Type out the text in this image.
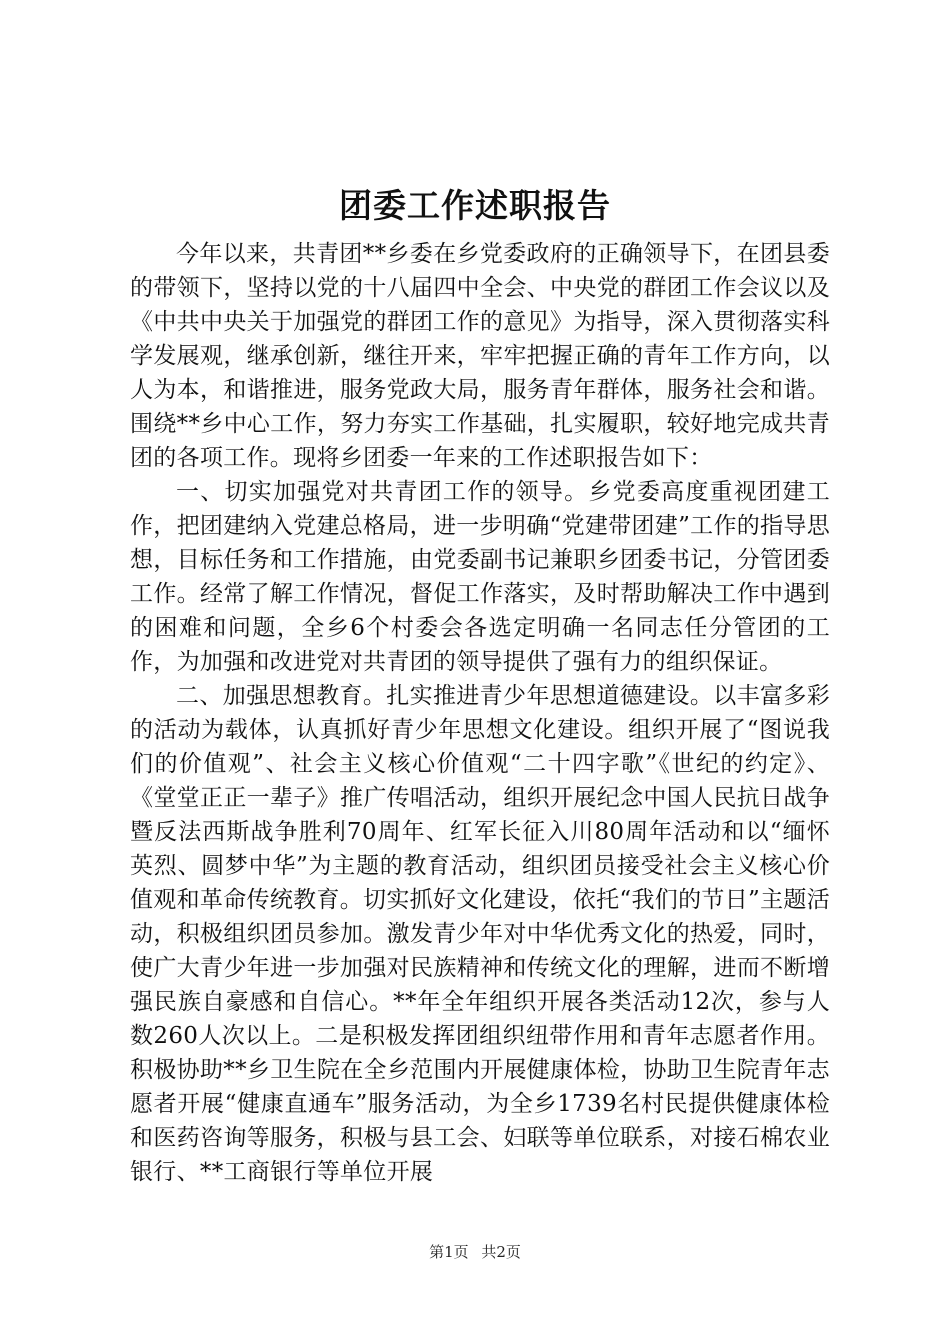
团委工作述职报告

今年以来，共青团**乡委在乡党委政府的正确领导下，在团县委的带领下，坚持以党的十八届四中全会、中央党的群团工作会议以及《中共中央关于加强党的群团工作的意见》为指导，深入贯彻落实科学发展观，继承创新，继往开来，牢牢把握正确的青年工作方向，以人为本，和谐推进，服务党政大局，服务青年群体，服务社会和谐。围绕**乡中心工作，努力夯实工作基础，扎实履职，较好地完成共青团的各项工作。现将乡团委一年来的工作述职报告如下：

一、切实加强党对共青团工作的领导。乡党委高度重视团建工作，把团建纳入党建总格局，进一步明确“党建带团建”工作的指导思想，目标任务和工作措施，由党委副书记兼职乡团委书记，分管团委工作。经常了解工作情况，督促工作落实，及时帮助解决工作中遇到的困难和问题，全乡6个村委会各选定明确一名同志任分管团的工作，为加强和改进党对共青团的领导提供了强有力的组织保证。

二、加强思想教育。扎实推进青少年思想道德建设。以丰富多彩的活动为载体，认真抓好青少年思想文化建设。组织开展了“图说我们的价值观”、社会主义核心价值观“二十四字歌”《世纪的约定》、《堂堂正正一辈子》推广传唱活动，组织开展纪念中国人民抗日战争暨反法西斯战争胜利70周年、红军长征入川80周年活动和以“缅怀英烈、圆梦中华”为主题的教育活动，组织团员接受社会主义核心价值观和革命传统教育。切实抓好文化建设，依托“我们的节日”主题活动，积极组织团员参加。激发青少年对中华优秀文化的热爱，同时，使广大青少年进一步加强对民族精神和传统文化的理解，进而不断增强民族自豪感和自信心。**年全年组织开展各类活动12次，参与人数260人次以上。二是积极发挥团组织纽带作用和青年志愿者作用。积极协助**乡卫生院在全乡范围内开展健康体检，协助卫生院青年志愿者开展“健康直通车”服务活动，为全乡1739名村民提供健康体检和医药咨询等服务，积极与县工会、妇联等单位联系，对接石棉农业银行、**工商银行等单位开展

第1页 共2页
